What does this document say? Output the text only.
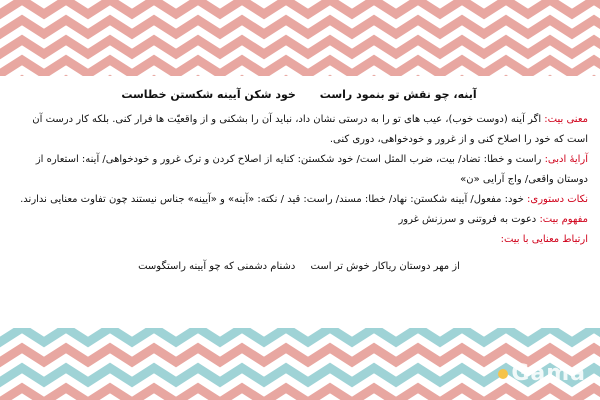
آینه، چو نقش تو بنمود راست خود شکن آیینه شکستن خطاست

معنی بیت: اگر آینه (دوست خوب)، عیب های تو را به درستی نشان داد، نباید آن را بشکنی و از واقعیّت ها فرار کنی. بلکه کار درست آن است که خود را اصلاح کنی و از غرور و خودخواهی، دوری کنی.

آرایۀ ادبی: راست و خطا: تضاد/ بیت، ضرب المثل است/ خود شکستن: کنایه از اصلاح کردن و ترک غرور و خودخواهی/ آینه: استعاره از دوستان واقعی/ واج آرایی «ن»

نکات دستوری: خود: مفعول/ آیینه شکستن: نهاد/ خطا: مسند/ راست: قید / نکته: «آینه» و «آیینه» جناس نیستند چون تفاوت معنایی ندارند.

مفهوم بیت: دعوت به فروتنی و سرزنش غرور

ارتباط معنایی با بیت:

از مهر دوستان ریاکار خوش تر است دشنام دشمنی که چو آیینه راستگوست
Gama
